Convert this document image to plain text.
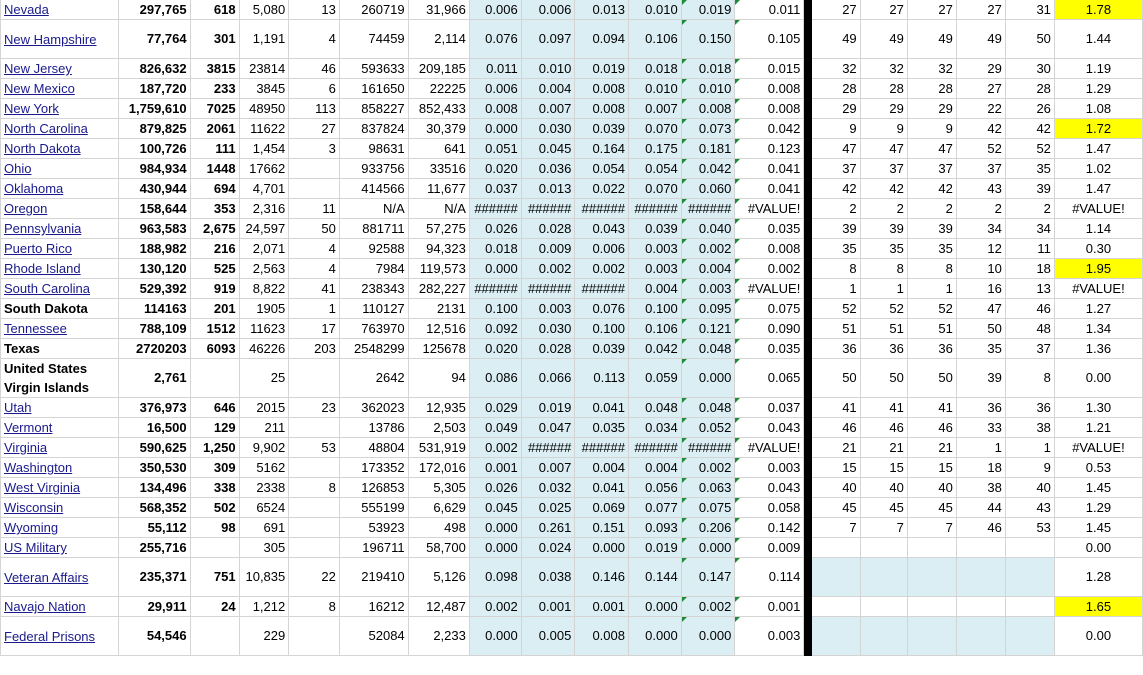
Nevada	297,765	618	5,080	13	260719	31,966	0.006	0.006	0.013	0.010	0.019	0.011		27	27	27	27	31	1.78
New Hampshire	77,764	301	1,191	4	74459	2,114	0.076	0.097	0.094	0.106	0.150	0.105		49	49	49	49	50	1.44
New Jersey	826,632	3815	23814	46	593633	209,185	0.011	0.010	0.019	0.018	0.018	0.015		32	32	32	29	30	1.19
New Mexico	187,720	233	3845	6	161650	22225	0.006	0.004	0.008	0.010	0.010	0.008		28	28	28	27	28	1.29
New York	1,759,610	7025	48950	113	858227	852,433	0.008	0.007	0.008	0.007	0.008	0.008		29	29	29	22	26	1.08
North Carolina	879,825	2061	11622	27	837824	30,379	0.000	0.030	0.039	0.070	0.073	0.042		9	9	9	42	42	1.72
North Dakota	100,726	111	1,454	3	98631	641	0.051	0.045	0.164	0.175	0.181	0.123		47	47	47	52	52	1.47
Ohio	984,934	1448	17662		933756	33516	0.020	0.036	0.054	0.054	0.042	0.041		37	37	37	37	35	1.02
Oklahoma	430,944	694	4,701		414566	11,677	0.037	0.013	0.022	0.070	0.060	0.041		42	42	42	43	39	1.47
Oregon	158,644	353	2,316	11	N/A	N/A	######	######	######	######	######	#VALUE!		2	2	2	2	2	#VALUE!
Pennsylvania	963,583	2,675	24,597	50	881711	57,275	0.026	0.028	0.043	0.039	0.040	0.035		39	39	39	34	34	1.14
Puerto Rico	188,982	216	2,071	4	92588	94,323	0.018	0.009	0.006	0.003	0.002	0.008		35	35	35	12	11	0.30
Rhode Island	130,120	525	2,563	4	7984	119,573	0.000	0.002	0.002	0.003	0.004	0.002		8	8	8	10	18	1.95
South Carolina	529,392	919	8,822	41	238343	282,227	######	######	######	0.004	0.003	#VALUE!		1	1	1	16	13	#VALUE!
South Dakota	114163	201	1905	1	110127	2131	0.100	0.003	0.076	0.100	0.095	0.075		52	52	52	47	46	1.27
Tennessee	788,109	1512	11623	17	763970	12,516	0.092	0.030	0.100	0.106	0.121	0.090		51	51	51	50	48	1.34
Texas	2720203	6093	46226	203	2548299	125678	0.020	0.028	0.039	0.042	0.048	0.035		36	36	36	35	37	1.36
United States Virgin Islands	2,761		25		2642	94	0.086	0.066	0.113	0.059	0.000	0.065		50	50	50	39	8	0.00
Utah	376,973	646	2015	23	362023	12,935	0.029	0.019	0.041	0.048	0.048	0.037		41	41	41	36	36	1.30
Vermont	16,500	129	211		13786	2,503	0.049	0.047	0.035	0.034	0.052	0.043		46	46	46	33	38	1.21
Virginia	590,625	1,250	9,902	53	48804	531,919	0.002	######	######	######	######	#VALUE!		21	21	21	1	1	#VALUE!
Washington	350,530	309	5162		173352	172,016	0.001	0.007	0.004	0.004	0.002	0.003		15	15	15	18	9	0.53
West Virginia	134,496	338	2338	8	126853	5,305	0.026	0.032	0.041	0.056	0.063	0.043		40	40	40	38	40	1.45
Wisconsin	568,352	502	6524		555199	6,629	0.045	0.025	0.069	0.077	0.075	0.058		45	45	45	44	43	1.29
Wyoming	55,112	98	691		53923	498	0.000	0.261	0.151	0.093	0.206	0.142		7	7	7	46	53	1.45
US Military	255,716		305		196711	58,700	0.000	0.024	0.000	0.019	0.000	0.009							0.00
Veteran Affairs	235,371	751	10,835	22	219410	5,126	0.098	0.038	0.146	0.144	0.147	0.114							1.28
Navajo Nation	29,911	24	1,212	8	16212	12,487	0.002	0.001	0.001	0.000	0.002	0.001							1.65
Federal Prisons	54,546		229		52084	2,233	0.000	0.005	0.008	0.000	0.000	0.003							0.00
